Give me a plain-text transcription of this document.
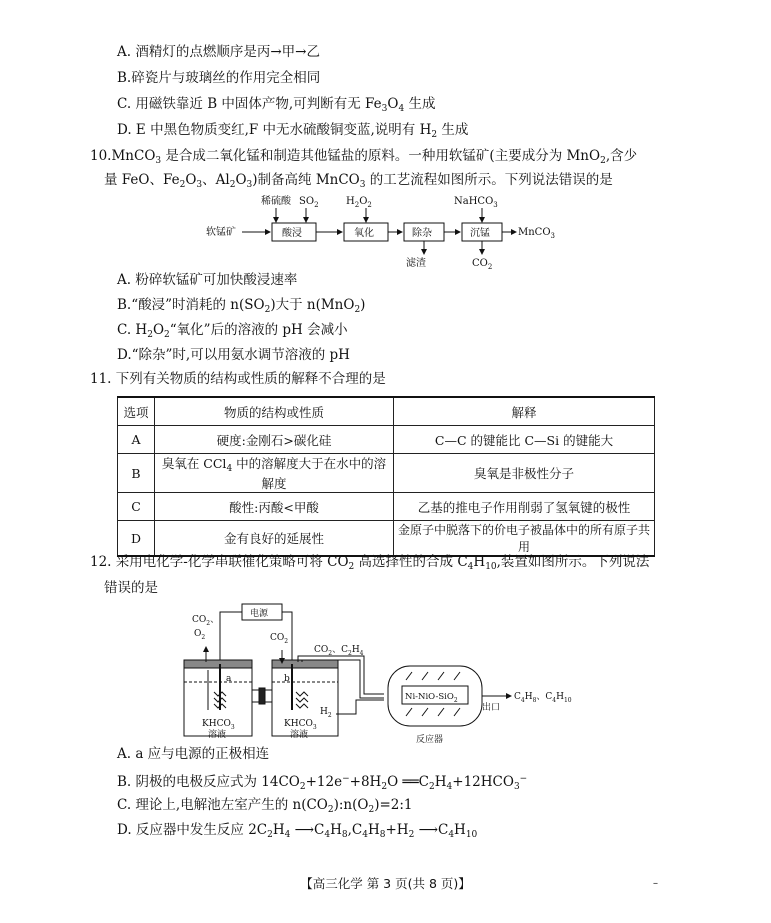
A. 酒精灯的点燃顺序是丙→甲→乙
B.碎瓷片与玻璃丝的作用完全相同
C. 用磁铁靠近 B 中固体产物,可判断有无 $Fe_3O_4$ 生成
D. E 中黑色物质变红,F 中无水硫酸铜变蓝,说明有 $H_2$ 生成
10.MnCO$_3$ 是合成二氧化锰和制造其他锰盐的原料。一种用软锰矿(主要成分为 MnO$_2$,含少
量 FeO、$Fe_2O_3$、$Al_2O_3$)制备高纯 MnCO$_3$ 的工艺流程如图所示。下列说法错误的是
软锰矿	酸浸
稀硫酸 $SO_2$
氧化
$H_2O_2$
除杂
滤渣
沉锰
NaHCO$_3$
$CO_2$
MnCO$_3$
A. 粉碎软锰矿可加快酸浸速率
B.“酸浸”时消耗的 $n(SO_2)$大于 n(MnO$_2$)
C. $H_2O_2“$氧化”后的溶液的 pH 会减小
D.“除杂”时,可以用氨水调节溶液的 pH
11. 下列有关物质的结构或性质的解释不合理的是
选项	物质的结构或性质	解释
A	硬度:金刚石>碳化硅	C—C 的键能比 C—Si 的键能大
B	臭氧在 CCl$_4$ 中的溶解度大于在水中的溶解度	臭氧是非极性分子
C	酸性:丙酸<甲酸	乙基的推电子作用削弱了氢氧键的极性
D	金有良好的延展性	金原子中脱落下的价电子被晶体中的所有原子共用
12. 采用电化学-化学串联催化策略可将 $CO_2$ 高选择性的合成 $C_4H_{10}$,装置如图所示。下列说法
错误的是
电源
$CO_2$、
$O_2$
a
$KHCO_3$
溶液
$CO_2$
b
$KHCO_3$
溶液
$CO_2$、$C_2H_4$
$H_2$
Ni-NiO-SiO$_2$
反应器
出口
$C_4H_8$、$C_4H_{10}$
A. a 应与电源的正极相连
B. 阴极的电极反应式为 $14CO_2+12e^-+8H_2O$ $══C_2H_4+12HCO_3^-$
C. 理论上,电解池左室产生的 $n(CO_2):n(O_2)=2:1$
D. 反应器中发生反应 $2C_2H_4$ $⟶C_4H_8,C_4H_8+H_2$ $⟶C_4H_{10}$
【高三化学 第 3 页(共 8 页)】	–
